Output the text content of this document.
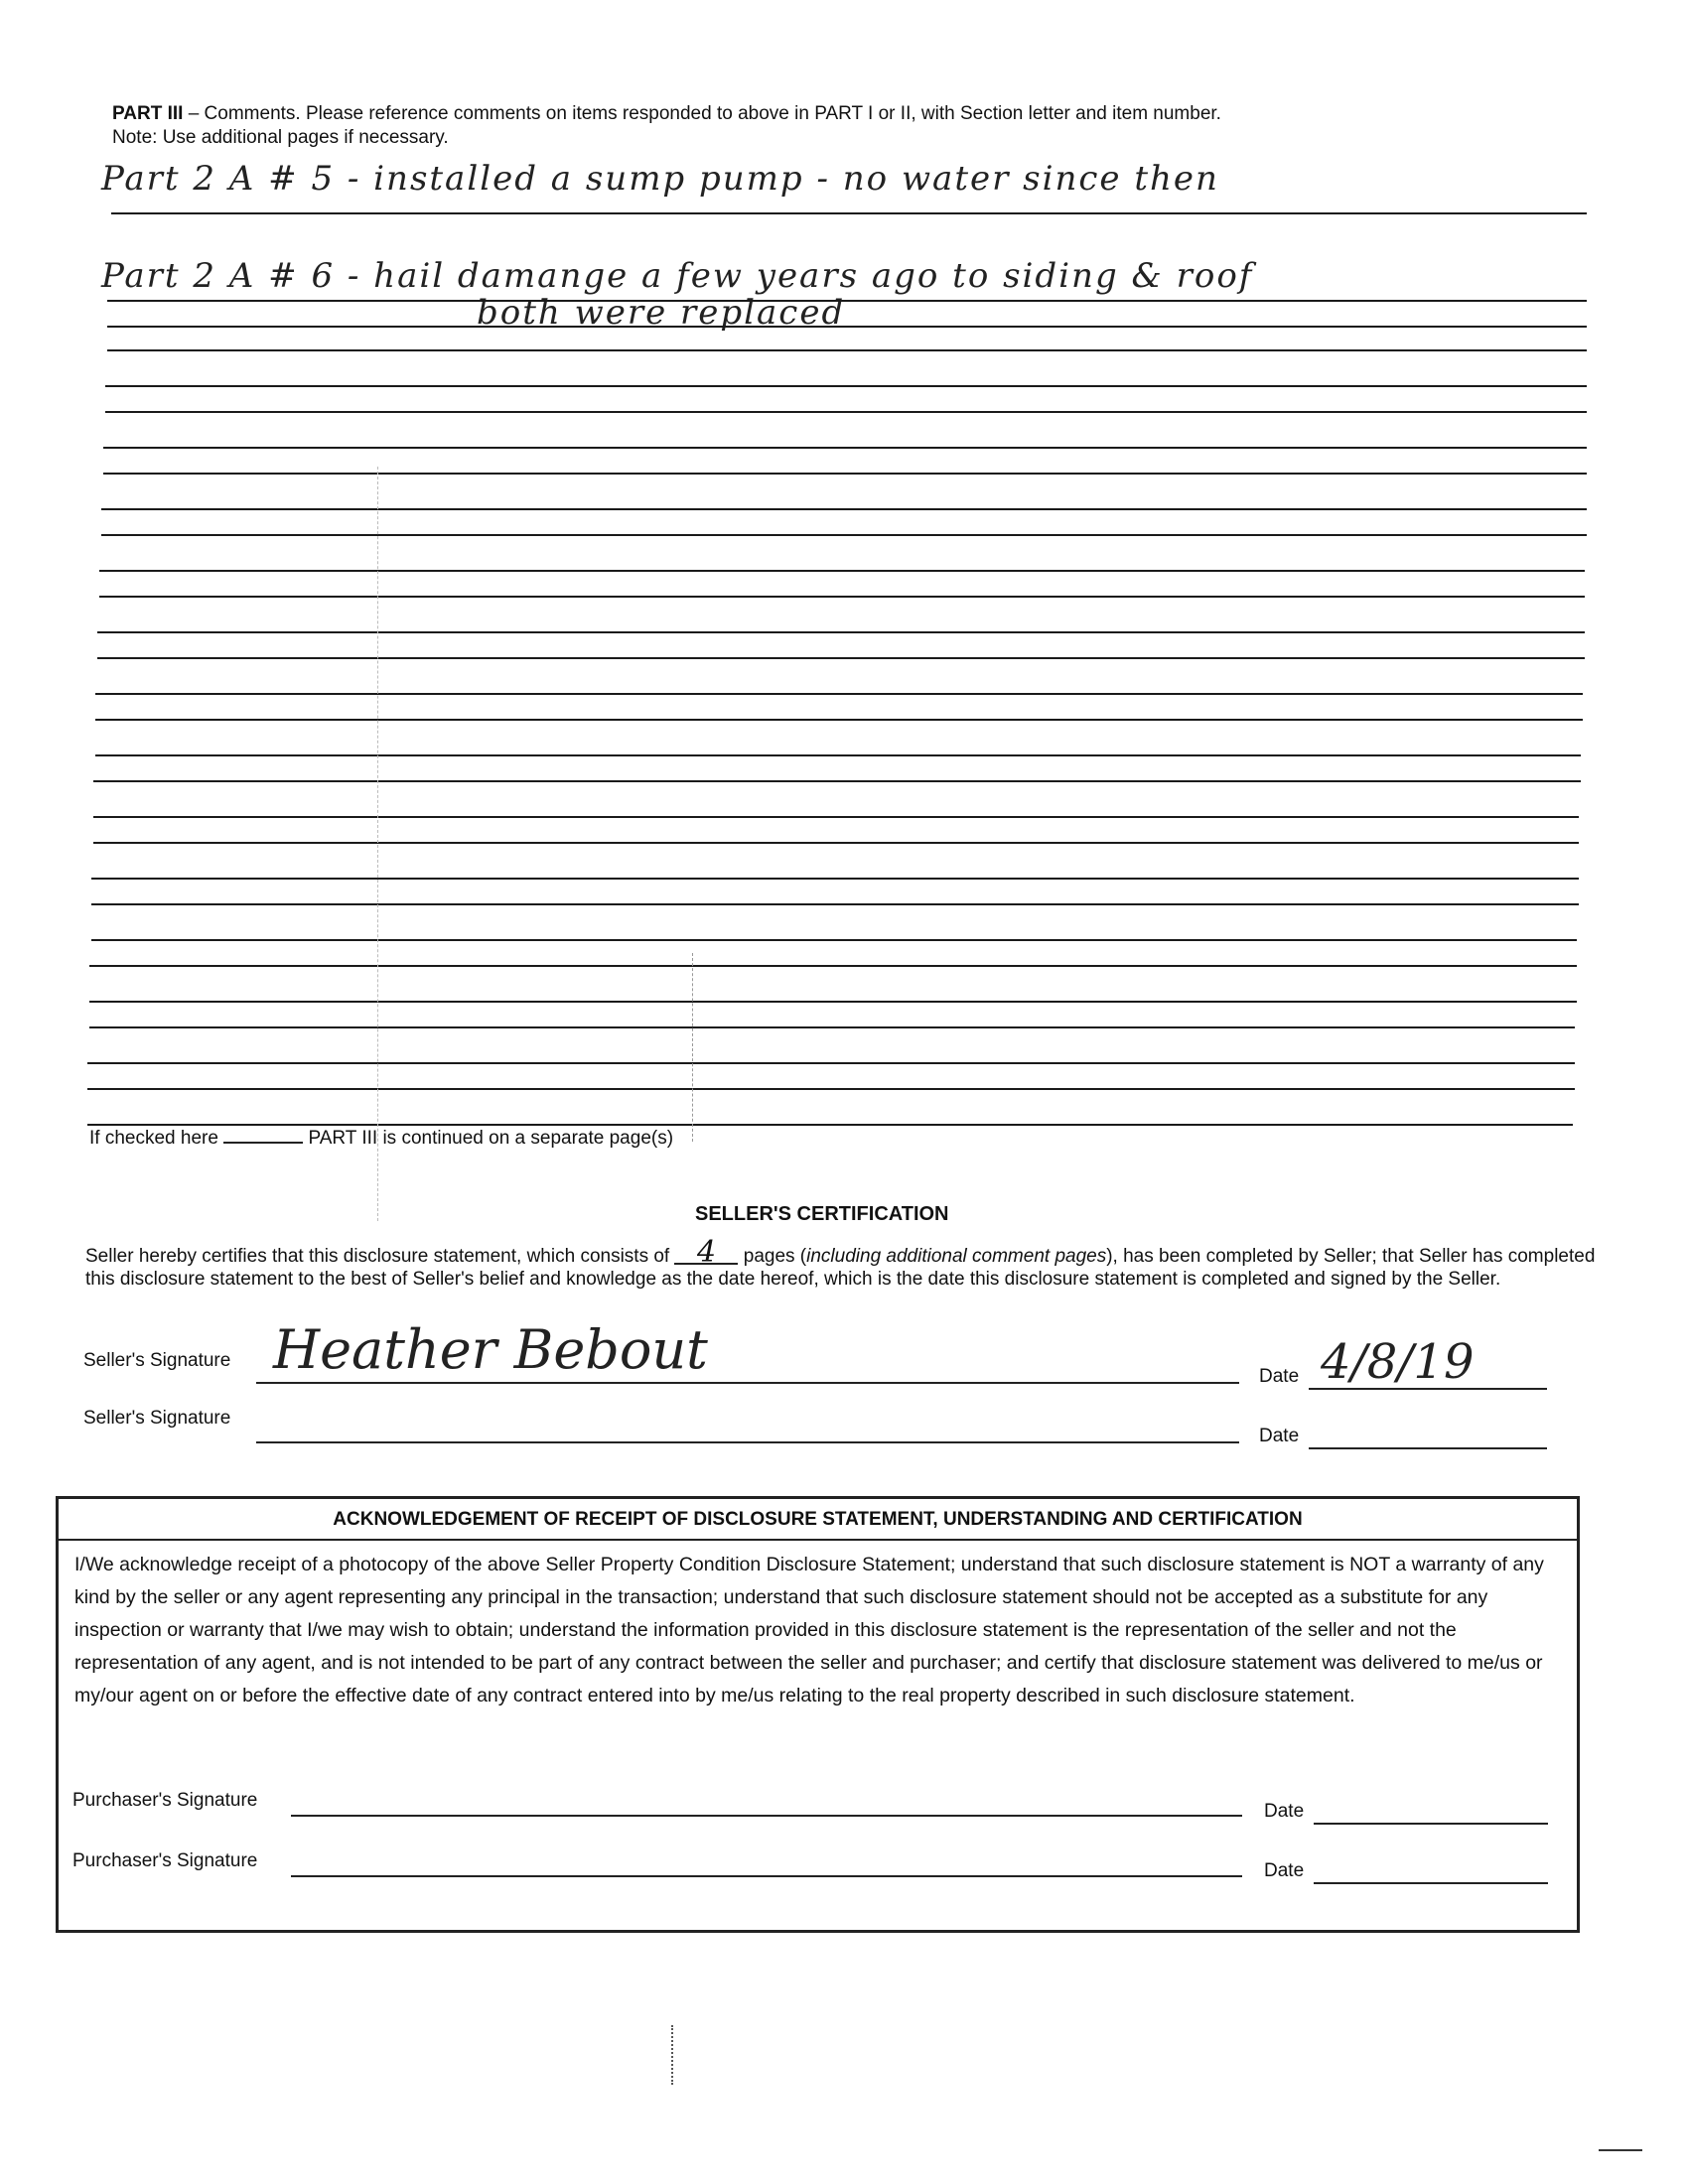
PART III – Comments. Please reference comments on items responded to above in PART I or II, with Section letter and item number.
Note: Use additional pages if necessary.
Part 2 A # 5 - installed a sump pump - no water since then
Part 2 A # 6 - hail damange a few years ago to siding & roof
both were replaced
If checked here	PART III is continued on a separate page(s)
SELLER'S CERTIFICATION
Seller hereby certifies that this disclosure statement, which consists of 4 pages (including additional comment pages), has been completed by Seller; that Seller has completed this disclosure statement to the best of Seller's belief and knowledge as the date hereof, which is the date this disclosure statement is completed and signed by the Seller.
Seller's Signature Heather Bebout	Date 4/8/19
Seller's Signature
Date
ACKNOWLEDGEMENT OF RECEIPT OF DISCLOSURE STATEMENT, UNDERSTANDING AND CERTIFICATION
I/We acknowledge receipt of a photocopy of the above Seller Property Condition Disclosure Statement; understand that such disclosure statement is NOT a warranty of any kind by the seller or any agent representing any principal in the transaction; understand that such disclosure statement should not be accepted as a substitute for any inspection or warranty that I/we may wish to obtain; understand the information provided in this disclosure statement is the representation of the seller and not the representation of any agent, and is not intended to be part of any contract between the seller and purchaser; and certify that disclosure statement was delivered to me/us or my/our agent on or before the effective date of any contract entered into by me/us relating to the real property described in such disclosure statement.
Purchaser's Signature
Date
Purchaser's Signature	Date
